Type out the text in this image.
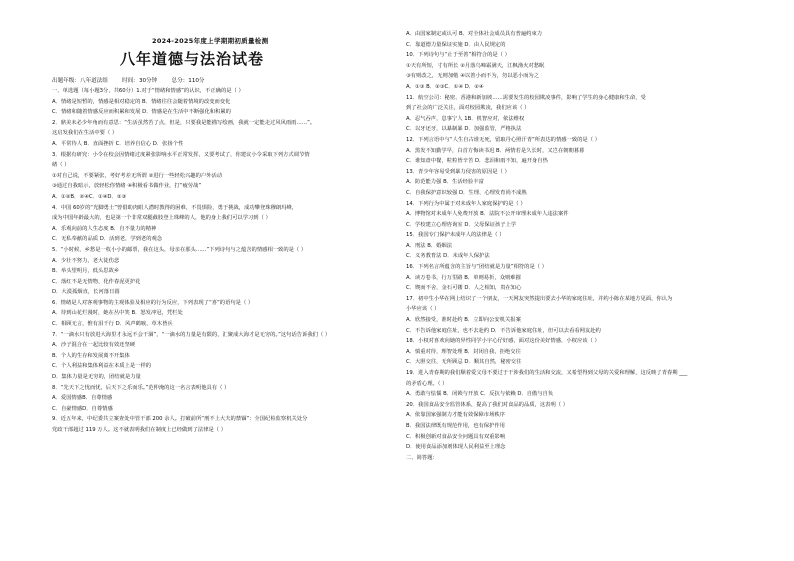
2024-2025年度上学期期初质量检测
八年道德与法治试卷
出题年级：八年道法组        时间：30分钟        总分：110分
一、单选题（每小题3分，共60分）1.对于“情绪和情感”的认识，不正确的是（ ）
A．情绪是短暂的，情感是相对稳定的 B．情绪往往会随着情境的改变而变化
C．情绪和随着情感反应而积累和发展 D．情感是在生活中不断强化和积累的
2．鼎美未必少年角而有意思：“生活虽然苦了点，但是，只要我是能描写绘画，我就一定能走过风风雨雨……”。
这启发我们在生活中要（ ）
A．平常待人 B．直面挫折 C．培养自信心 D．张扬个性
3．根据有研究：小令在校会因情绪过度紧张影响水平正常发挥，又要考试了，你建议小令采取下列方式调节情
绪（ ）
①对自己说，不要紧张，考好考差无所谓 ②进行一些轻松兴趣的户外活动
③通过自我暗示，放轻松你情绪 ④积极看书做作业，打“疲劳战”
A．①②B．②④C．①④D．②③
4．中国 60岁的“光脚勇士”曾借助肉眼人潜时教得的困难，不畏惧险，勇于挑战，成功攀登珠穆朗玛峰，
成为中国年龄最大的，也是第一个非常双腿截肢登上珠峰的人，他的身上我们可以学习到（ ）
A．乐观向前的人生态度 B．自不量力的精神
C．无私奉献的品质 D．活到老，学到老的观念
5．“小时候，乡愁是一枚小小的邮票，我在这头，母亲在那头……”下列诗句与之蕴含的情感相一致的是（ ）
A．少壮不努力，老大徒伤悲
B．举头望明月，低头思故乡
C．落红不是无情物，化作春泥更护花
D．大漠孤烟直，长河落日圆
6．情绪是人对客观事物的主观体验及相应的行为反应，下列表现了“喜”的语句是（ ）
A．待到山花烂漫时，她在丛中笑 B．怒发冲冠，凭栏处
C．相顾无言，惟有泪千行 D．风声鹤唳，草木皆兵
7．“一滴水只有放进大海里才永远不会干涸”，“一滴水的力量是有限的，汇聚成大海才是无穷的。”这句话告诉我们（ ）
A．沙子混合在一起比较有效还坚硬
B．个人的生存和发展离不开集体
C．个人利益和集体利益在本质上是一样的
D．集体力量是无穷的，团结就是力量
8．“先天下之忧而忧，后天下之乐而乐。”范仲淹的这一名言表明他具有（ ）
A．爱国情感B．自尊情感
C．自豪情感D．自尊情感
9．近五年来，中纪委共立案查处中管干部 200 余人。打破前所“刑不上大夫的禁锢”：全国纪检监察机关处分
党政干部超过 119 万人。这不就表明我们在制度上已经做到了法律是（ ）
A．由国家制定或认可 B．对全体社会成员具有普遍约束力
C．靠道德力量保证实施 D．由人民规定的
10．下列诗句与“止于至善”相符合的是（ ）
①天有所短，寸有所长 ②月落乌啼霜满天，江枫渔火对愁眠
③有则改之，无则加勉 ④以善小而不为，勿以恶小而为之
A．①③ B．②③C．①④ D．②④
11．航空公司：秘密、香港和新加坡……需要发生的校园欺凌事件，影响了学生的身心健康和生命，受
到了社会的广泛关注，面对校园欺凌，我们应该（ ）
A．忍气吞声，息事宁人 1B．机智应对，依法维权
C．以牙还牙，以暴制暴 D．加强监管，严格执法
12．下列言语中与“人生自古谁无死，留取丹心照汗青”所表达的情感一致的是（ ）
A．黑发不知勤学早，白首方悔读书迟 B．两情若是久长时，又岂在朝朝暮暮
C．谁知盘中餐，粒粒皆辛苦 D．悲泪和雨不知，遍开身自热
13．青少年容易受到暴力侵害的原因是（ ）
A．防范能力强 B．生活经验丰富
C．自我保护意识较强 D．生理、心理发育尚不成熟
14．下列行为中属于对未成年人家庭保护的是（ ）
A．博物馆对未成年人免费开放 B．法院不公开审理未成年人违法案件
C．学校建立心理咨询室 D．父母保证孩子上学
15．我国专门保护未成年人的法律是（ ）
A．刑法 B．婚姻法
C．义务教育法 D．未成年人保护法
16．下列名言所蕴含的主旨与“团结就是力量”相符的是（ ）
A．读万卷书，行万里路 B．单则易折，众则难摧
C．锲而不舍，金石可镂 D．人之相知，贵在知心
17．初中生小华在网上结识了一个朋友，一天网友突然提出要去小华的家庭住址，并约小陈在某地方见面，你认为
小华应该（ ）
A．欣然接受，准时赴约 B．立即向公安机关报案
C．不告诉他家庭住址，也不去赴约 D．不告诉他家庭住址，但可以去看看网友赴约
18．小权对喜欢向她的异性同学小宇心仔好感，面对这份美好情感，小权应该（ ）
A．慎重对待，理智处理 B．封闭自我，拒绝交往
C．大胆交往，无所顾忌 D．顺其自然，秘密交往
19．进入青春期的我们顺着爱父母不要过于干涉我们的生活和交流，又希望得到父母的关爱和理解，这反映了青春期 ___
的矛盾心理。（ ）
A．勇敢与怯懦 B．闭锁与开放 C．反抗与依赖 D．自傲与自负
20．我国食品安全监管体系，提高了我们对食品的品质，这表明（ ）
A．依靠国家强制力才能有效保障市场秩序
B．我国法律既有规范作用，也有保护作用
C．积极创新对食品安全问题具有双重影响
D．使用食品添加剂体现人民利益至上理念
二、简答题：
